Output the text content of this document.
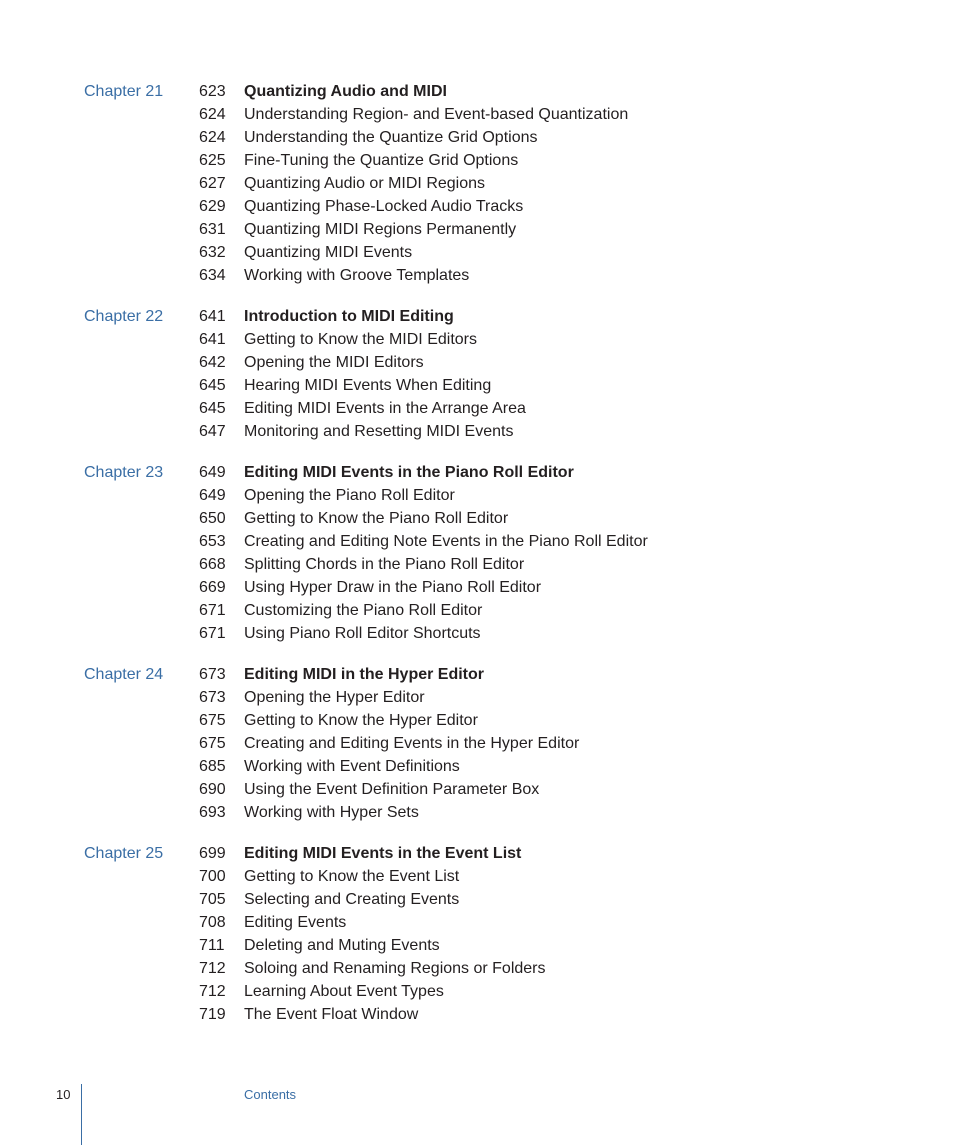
Chapter 21 623 Quantizing Audio and MIDI
624 Understanding Region- and Event-based Quantization
624 Understanding the Quantize Grid Options
625 Fine-Tuning the Quantize Grid Options
627 Quantizing Audio or MIDI Regions
629 Quantizing Phase-Locked Audio Tracks
631 Quantizing MIDI Regions Permanently
632 Quantizing MIDI Events
634 Working with Groove Templates
Chapter 22 641 Introduction to MIDI Editing
641 Getting to Know the MIDI Editors
642 Opening the MIDI Editors
645 Hearing MIDI Events When Editing
645 Editing MIDI Events in the Arrange Area
647 Monitoring and Resetting MIDI Events
Chapter 23 649 Editing MIDI Events in the Piano Roll Editor
649 Opening the Piano Roll Editor
650 Getting to Know the Piano Roll Editor
653 Creating and Editing Note Events in the Piano Roll Editor
668 Splitting Chords in the Piano Roll Editor
669 Using Hyper Draw in the Piano Roll Editor
671 Customizing the Piano Roll Editor
671 Using Piano Roll Editor Shortcuts
Chapter 24 673 Editing MIDI in the Hyper Editor
673 Opening the Hyper Editor
675 Getting to Know the Hyper Editor
675 Creating and Editing Events in the Hyper Editor
685 Working with Event Definitions
690 Using the Event Definition Parameter Box
693 Working with Hyper Sets
Chapter 25 699 Editing MIDI Events in the Event List
700 Getting to Know the Event List
705 Selecting and Creating Events
708 Editing Events
711 Deleting and Muting Events
712 Soloing and Renaming Regions or Folders
712 Learning About Event Types
719 The Event Float Window
10	Contents
